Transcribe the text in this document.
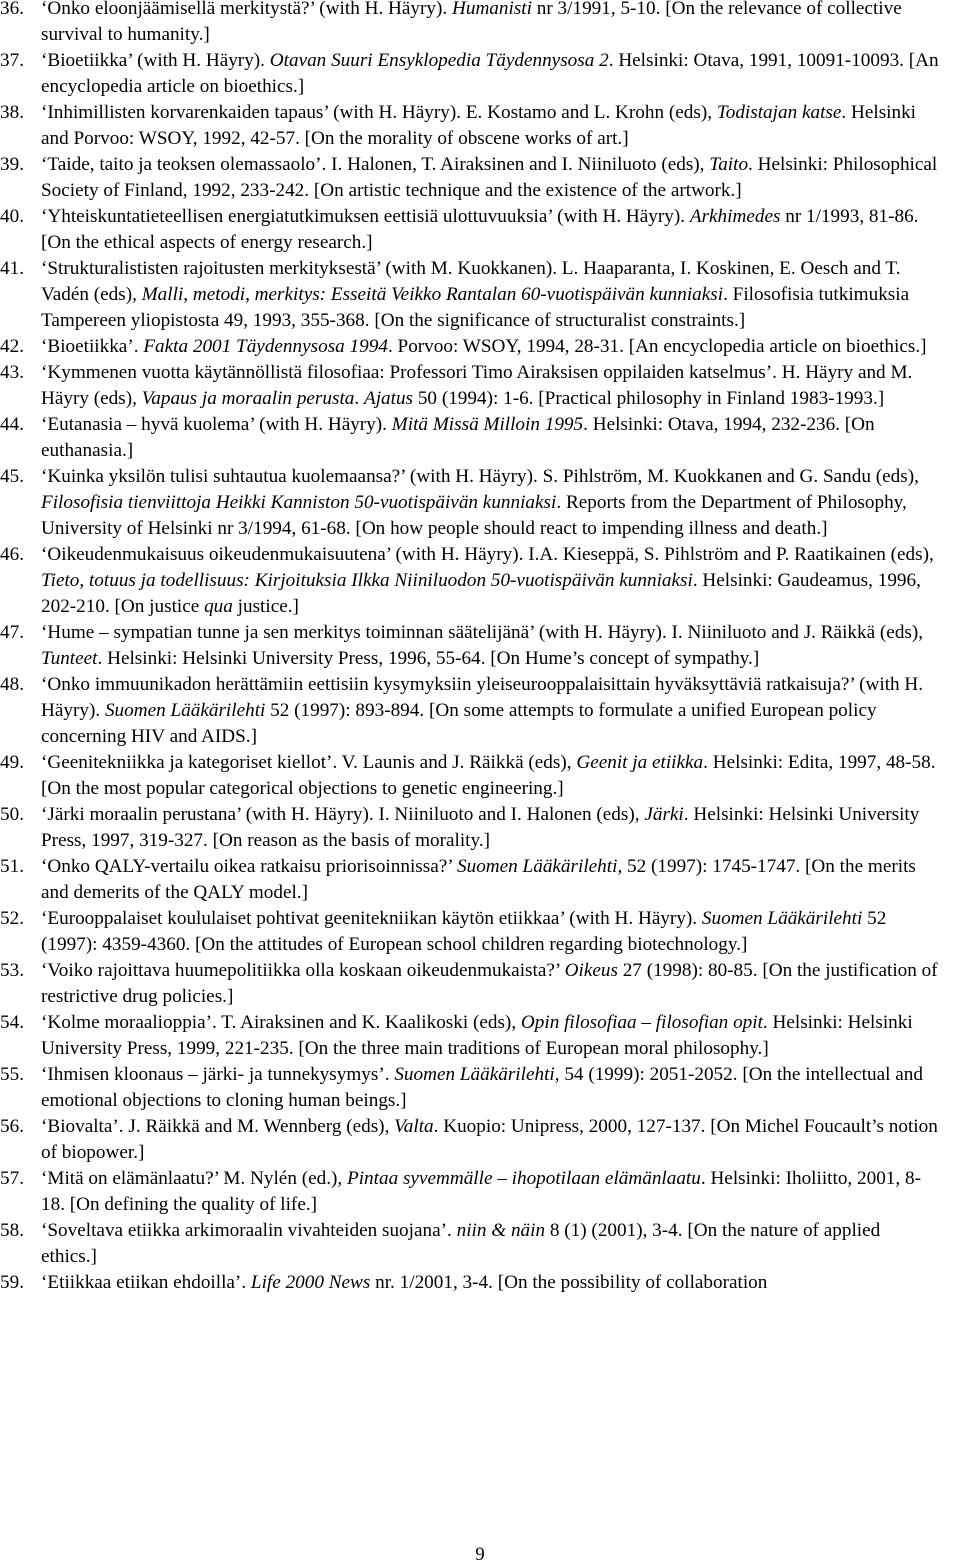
36. ‘Onko eloonjäämisellä merkitystä?’ (with H. Häyry). Humanisti nr 3/1991, 5-10. [On the relevance of collective survival to humanity.]
37. ‘Bioetiikka’ (with H. Häyry). Otavan Suuri Ensyklopedia Täydennysosa 2. Helsinki: Otava, 1991, 10091-10093. [An encyclopedia article on bioethics.]
38. ‘Inhimillisten korvarenkaiden tapaus’ (with H. Häyry). E. Kostamo and L. Krohn (eds), Todistajan katse. Helsinki and Porvoo: WSOY, 1992, 42-57. [On the morality of obscene works of art.]
39. ‘Taide, taito ja teoksen olemassaolo’. I. Halonen, T. Airaksinen and I. Niiniluoto (eds), Taito. Helsinki: Philosophical Society of Finland, 1992, 233-242. [On artistic technique and the existence of the artwork.]
40. ‘Yhteiskuntatieteellisen energiatutkimuksen eettisiä ulottuvuuksia’ (with H. Häyry). Arkhimedes nr 1/1993, 81-86. [On the ethical aspects of energy research.]
41. ‘Strukturalististen rajoitusten merkityksestä’ (with M. Kuokkanen). L. Haaparanta, I. Koskinen, E. Oesch and T. Vadén (eds), Malli, metodi, merkitys: Esseitä Veikko Rantalan 60-vuotispäivän kunniaksi. Filosofisia tutkimuksia Tampereen yliopistosta 49, 1993, 355-368. [On the significance of structuralist constraints.]
42. ‘Bioetiikka’. Fakta 2001 Täydennysosa 1994. Porvoo: WSOY, 1994, 28-31. [An encyclopedia article on bioethics.]
43. ‘Kymmenen vuotta käytännöllistä filosofiaa: Professori Timo Airaksisen oppilaiden katselmus’. H. Häyry and M. Häyry (eds), Vapaus ja moraalin perusta. Ajatus 50 (1994): 1-6. [Practical philosophy in Finland 1983-1993.]
44. ‘Eutanasia – hyvä kuolema’ (with H. Häyry). Mitä Missä Milloin 1995. Helsinki: Otava, 1994, 232-236. [On euthanasia.]
45. ‘Kuinka yksilön tulisi suhtautua kuolemaansa?’ (with H. Häyry). S. Pihlström, M. Kuokkanen and G. Sandu (eds), Filosofisia tienviittoja Heikki Kanniston 50-vuotispäivän kunniaksi. Reports from the Department of Philosophy, University of Helsinki nr 3/1994, 61-68. [On how people should react to impending illness and death.]
46. ‘Oikeudenmukaisuus oikeudenmukaisuutena’ (with H. Häyry). I.A. Kieseppä, S. Pihlström and P. Raatikainen (eds), Tieto, totuus ja todellisuus: Kirjoituksia Ilkka Niiniluodon 50-vuotispäivän kunniaksi. Helsinki: Gaudeamus, 1996, 202-210. [On justice qua justice.]
47. ‘Hume – sympatian tunne ja sen merkitys toiminnan säätelijänä’ (with H. Häyry). I. Niiniluoto and J. Räikkä (eds), Tunteet. Helsinki: Helsinki University Press, 1996, 55-64. [On Hume’s concept of sympathy.]
48. ‘Onko immuunikadon herättämiin eettisiin kysymyksiin yleiseurooppalaisittain hyväksyttäviä ratkaisuja?’ (with H. Häyry). Suomen Lääkärilehti 52 (1997): 893-894. [On some attempts to formulate a unified European policy concerning HIV and AIDS.]
49. ‘Geenitekniikka ja kategoriset kiellot’. V. Launis and J. Räikkä (eds), Geenit ja etiikka. Helsinki: Edita, 1997, 48-58. [On the most popular categorical objections to genetic engineering.]
50. ‘Järki moraalin perustana’ (with H. Häyry). I. Niiniluoto and I. Halonen (eds), Järki. Helsinki: Helsinki University Press, 1997, 319-327. [On reason as the basis of morality.]
51. ‘Onko QALY-vertailu oikea ratkaisu priorisoinnissa?’ Suomen Lääkärilehti, 52 (1997): 1745-1747. [On the merits and demerits of the QALY model.]
52. ‘Eurooppalaiset koululaiset pohtivat geenitekniikan käytön etiikkaa’ (with H. Häyry). Suomen Lääkärilehti 52 (1997): 4359-4360. [On the attitudes of European school children regarding biotechnology.]
53. ‘Voiko rajoittava huumepolitiikka olla koskaan oikeudenmukaista?’ Oikeus 27 (1998): 80-85. [On the justification of restrictive drug policies.]
54. ‘Kolme moraalioppia’. T. Airaksinen and K. Kaalikoski (eds), Opin filosofiaa – filosofian opit. Helsinki: Helsinki University Press, 1999, 221-235. [On the three main traditions of European moral philosophy.]
55. ‘Ihmisen kloonaus – järki- ja tunnekysymys’. Suomen Lääkärilehti, 54 (1999): 2051-2052. [On the intellectual and emotional objections to cloning human beings.]
56. ‘Biovalta’. J. Räikkä and M. Wennberg (eds), Valta. Kuopio: Unipress, 2000, 127-137. [On Michel Foucault’s notion of biopower.]
57. ‘Mitä on elämänlaatu?’ M. Nylén (ed.), Pintaa syvemmälle – ihopotilaan elämänlaatu. Helsinki: Iholiitto, 2001, 8-18. [On defining the quality of life.]
58. ‘Soveltava etiikka arkimoraalin vivahteiden suojana’. niin & näin 8 (1) (2001), 3-4. [On the nature of applied ethics.]
59. ‘Etiikkaa etiikan ehdoilla’. Life 2000 News nr. 1/2001, 3-4. [On the possibility of collaboration
9
